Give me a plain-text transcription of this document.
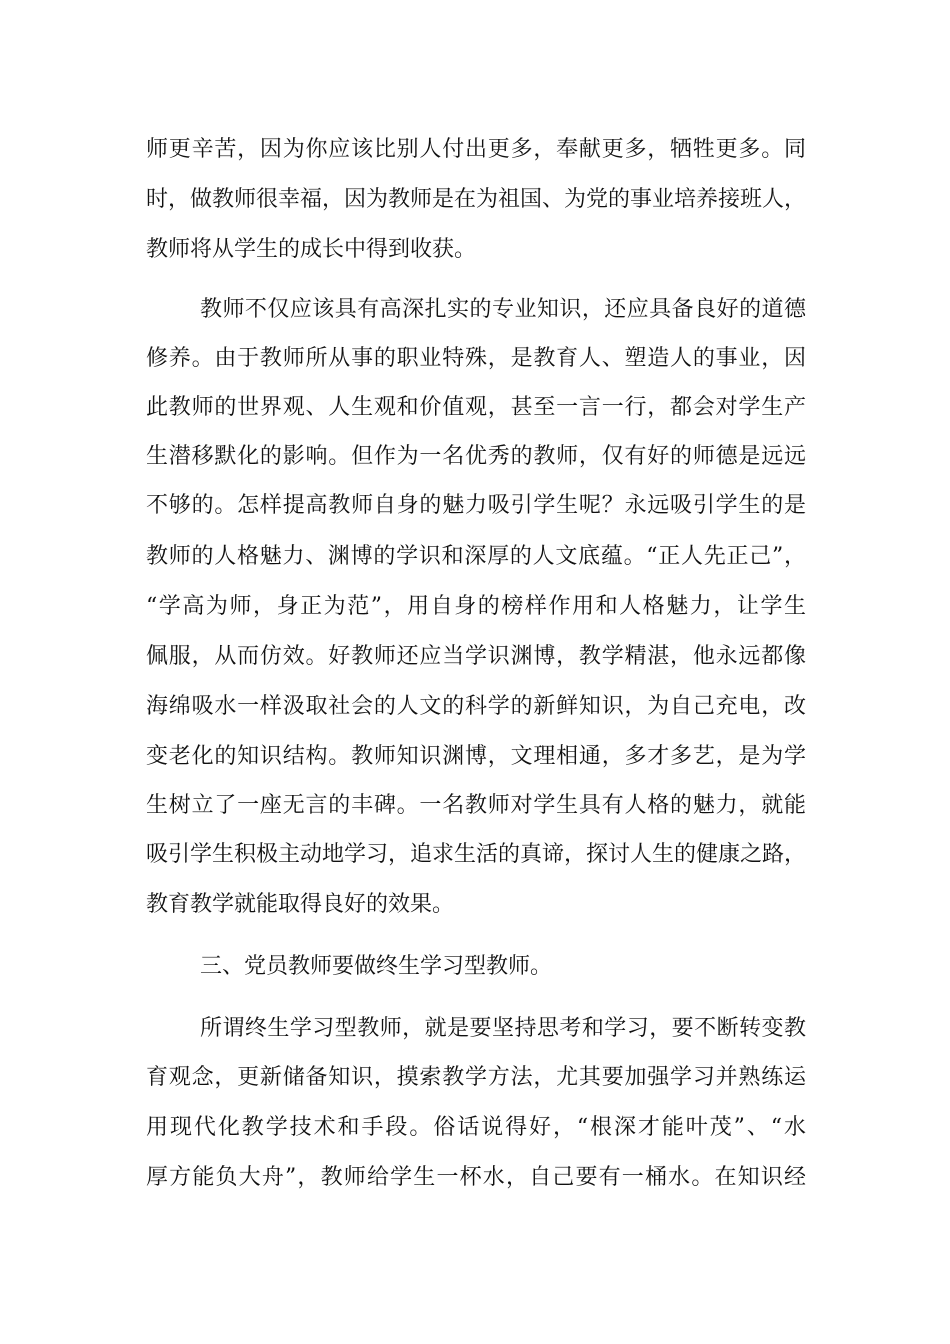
师更辛苦，因为你应该比别人付出更多，奉献更多，牺牲更多。同
时，做教师很幸福，因为教师是在为祖国、为党的事业培养接班人，
教师将从学生的成长中得到收获。
教师不仅应该具有高深扎实的专业知识，还应具备良好的道德
修养。由于教师所从事的职业特殊，是教育人、塑造人的事业，因
此教师的世界观、人生观和价值观，甚至一言一行，都会对学生产
生潜移默化的影响。但作为一名优秀的教师，仅有好的师德是远远
不够的。怎样提高教师自身的魅力吸引学生呢？永远吸引学生的是
教师的人格魅力、渊博的学识和深厚的人文底蕴。“正人先正己”，
“学高为师，身正为范”，用自身的榜样作用和人格魅力，让学生
佩服，从而仿效。好教师还应当学识渊博，教学精湛，他永远都像
海绵吸水一样汲取社会的人文的科学的新鲜知识，为自己充电，改
变老化的知识结构。教师知识渊博，文理相通，多才多艺，是为学
生树立了一座无言的丰碑。一名教师对学生具有人格的魅力，就能
吸引学生积极主动地学习，追求生活的真谛，探讨人生的健康之路，
教育教学就能取得良好的效果。
三、党员教师要做终生学习型教师。
所谓终生学习型教师，就是要坚持思考和学习，要不断转变教
育观念，更新储备知识，摸索教学方法，尤其要加强学习并熟练运
用现代化教学技术和手段。俗话说得好，“根深才能叶茂”、“水
厚方能负大舟”，教师给学生一杯水，自己要有一桶水。在知识经
